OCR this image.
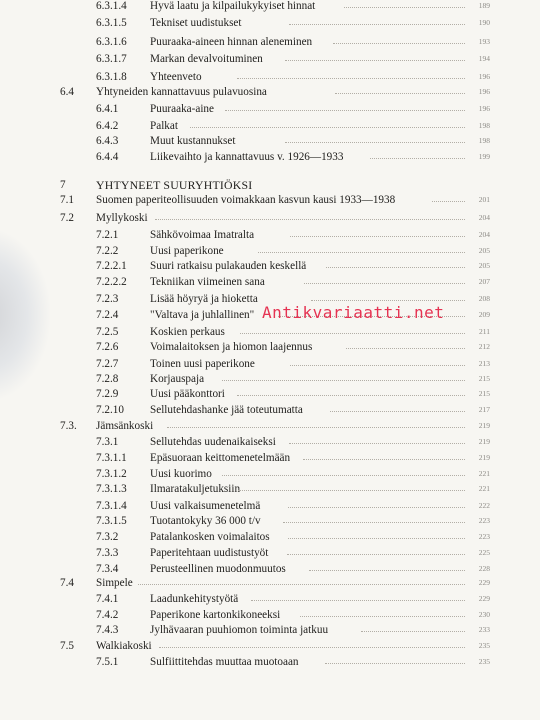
6.3.1.4 Hyvä laatu ja kilpailukykyiset hinnat	189
6.3.1.5 Tekniset uudistukset	190
6.3.1.6 Puuraaka-aineen hinnan aleneminen	193
6.3.1.7 Markan devalvoituminen	194
6.3.1.8 Yhteenveto	196
6.4 Yhtyneiden kannattavuus pulavuosina	196
6.4.1	Puuraaka-aine	196
6.4.2	Palkat	198
6.4.3	Muut kustannukset	198
6.4.4	Liikevaihto ja kannattavuus v. 1926—1933	199
7	YHTYNEET SUURYHTIÖKSI
7.1 Suomen paperiteollisuuden voimakkaan kasvun kausi 1933—1938	201
7.2 Myllykoski	204
7.2.1	Sähkövoimaa Imatralta	204
7.2.2	Uusi paperikone	205
7.2.2.1 Suuri ratkaisu pulakauden keskellä	205
7.2.2.2 Tekniikan viimeinen sana	207
7.2.3	Lisää höyryä ja hioketta	208
7.2.4	"Valtava ja juhlallinen"	209
7.2.5	Koskien perkaus	211
7.2.6	Voimalaitoksen ja hiomon laajennus	212
7.2.7	Toinen uusi paperikone	213
7.2.8	Korjauspaja	215
7.2.9	Uusi pääkonttori	215
7.2.10 Sellutehdashanke jää toteutumatta	217
7.3. Jämsänkoski	219
7.3.1	Sellutehdas uudenaikaiseksi	219
7.3.1.1 Epäsuoraan keittomenetelmään	219
7.3.1.2 Uusi kuorimo	221
7.3.1.3 Ilmaratakuljetuksiin	221
7.3.1.4 Uusi valkaisumenetelmä	222
7.3.1.5 Tuotantokyky 36 000 t/v	223
7.3.2	Patalankosken voimalaitos	223
7.3.3	Paperitehtaan uudistustyöt	225
7.3.4	Perusteellinen muodonmuutos	228
7.4 Simpele	229
7.4.1	Laadunkehitystyötä	229
7.4.2	Paperikone kartonkikoneeksi	230
7.4.3	Jylhävaaran puuhiomon toiminta jatkuu	233
7.5 Walkiakoski	235
7.5.1	Sulfiittitehdas muuttaa muotoaan	235
Antikvariaatti.net
